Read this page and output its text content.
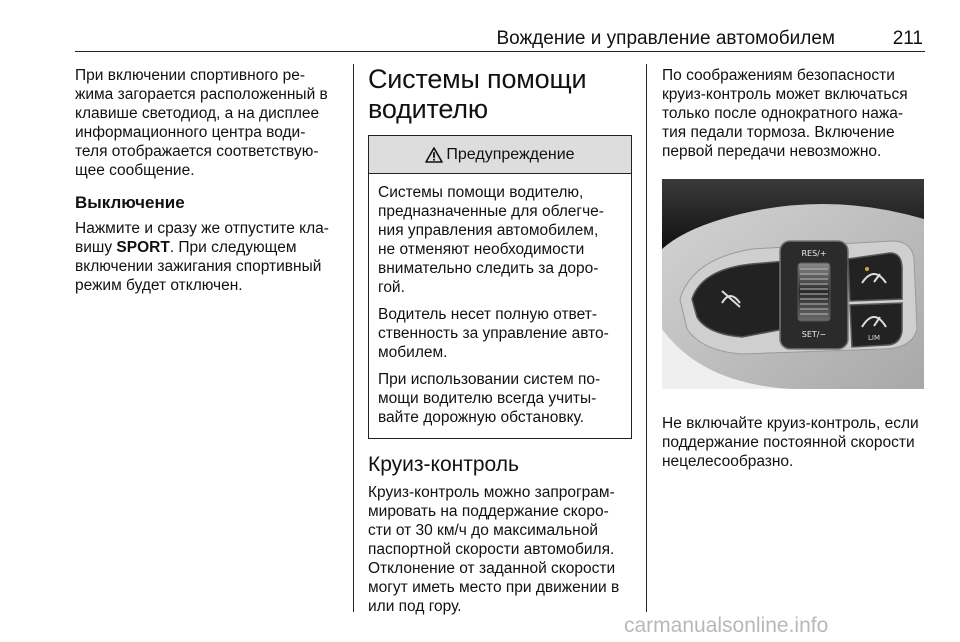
Вождение и управление автомобилем	211
При включении спортивного ре-
жима загорается расположенный в
клавише светодиод, а на дисплее
информационного центра води-
теля отображается соответствую-
щее сообщение.
Выключение
Нажмите и сразу же отпустите кла-
вишу SPORT. При следующем
включении зажигания спортивный
режим будет отключен.
Системы помощи
водителю
Предупреждение
Системы помощи водителю,
предназначенные для облегче-
ния управления автомобилем,
не отменяют необходимости
внимательно следить за доро-
гой.
Водитель несет полную ответ-
ственность за управление авто-
мобилем.
При использовании систем по-
мощи водителю всегда учиты-
вайте дорожную обстановку.
Круиз-контроль
Круиз-контроль можно запрограм-
мировать на поддержание скоро-
сти от 30 км/ч до максимальной
паспортной скорости автомобиля.
Отклонение от заданной скорости
могут иметь место при движении в
или под гору.
По соображениям безопасности
круиз-контроль может включаться
только после однократного нажа-
тия педали тормоза. Включение
первой передачи невозможно.
RES/+
SET/−	LIM
Не включайте круиз-контроль, если
поддержание постоянной скорости
нецелесообразно.
carmanualsonline.info
